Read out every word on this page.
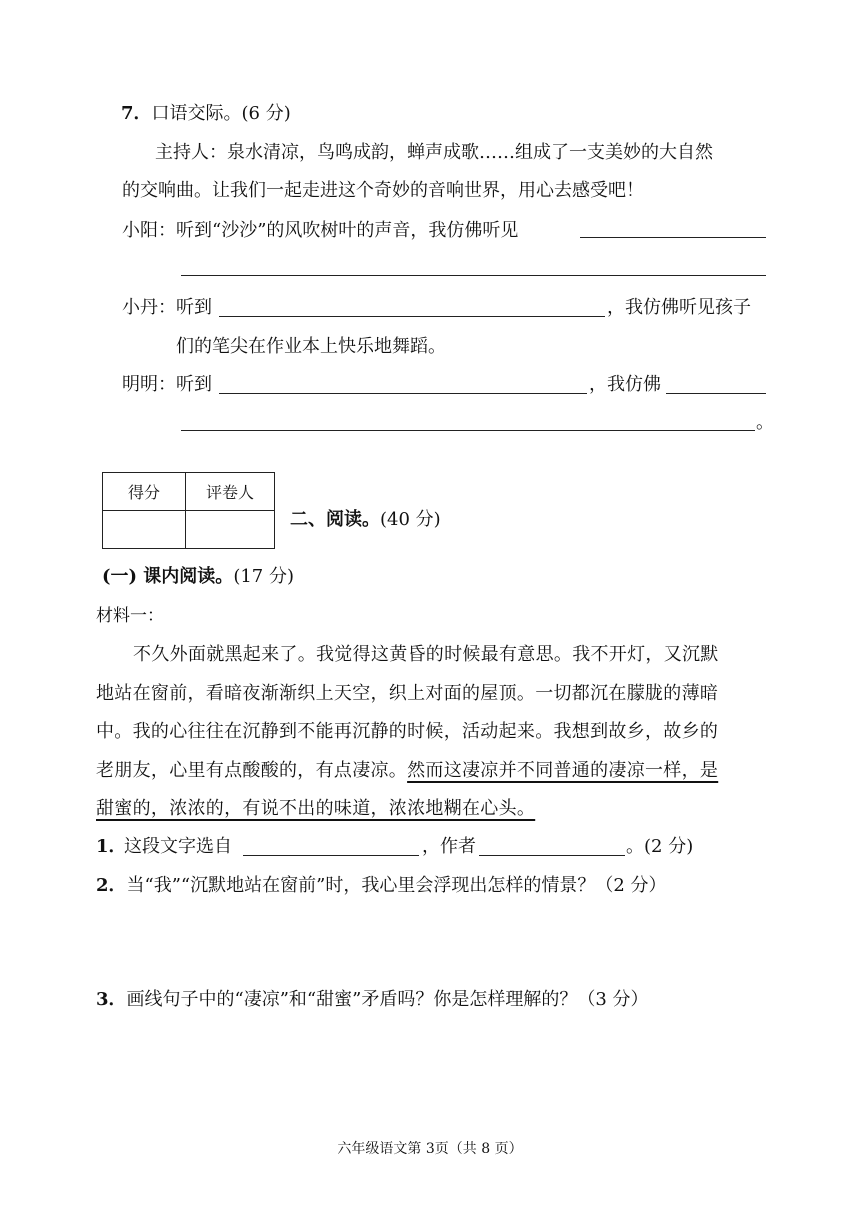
7．口语交际。(6 分)
主持人：泉水清凉，鸟鸣成韵，蝉声成歌……组成了一支美妙的大自然
的交响曲。让我们一起走进这个奇妙的音响世界，用心去感受吧！
小阳：听到“沙沙”的风吹树叶的声音，我仿佛听见
小丹：听到	，我仿佛听见孩子
们的笔尖在作业本上快乐地舞蹈。
明明：听到	，我仿佛
。
得分	评卷人

二、阅读。(40 分)
(一) 课内阅读。(17 分)
材料一：
不久外面就黑起来了。我觉得这黄昏的时候最有意思。我不开灯，又沉默
地站在窗前，看暗夜渐渐织上天空，织上对面的屋顶。一切都沉在朦胧的薄暗
中。我的心往往在沉静到不能再沉静的时候，活动起来。我想到故乡，故乡的
老朋友，心里有点酸酸的，有点凄凉。然而这凄凉并不同普通的凄凉一样，是
甜蜜的，浓浓的，有说不出的味道，浓浓地糊在心头。
1．
这段文字选自	，作者	。(2 分)
2．当“我”“沉默地站在窗前”时，我心里会浮现出怎样的情景？（2 分）
3．画线句子中的“凄凉”和“甜蜜”矛盾吗？你是怎样理解的？（3 分）
六年级语文第 3页（共 8 页）
